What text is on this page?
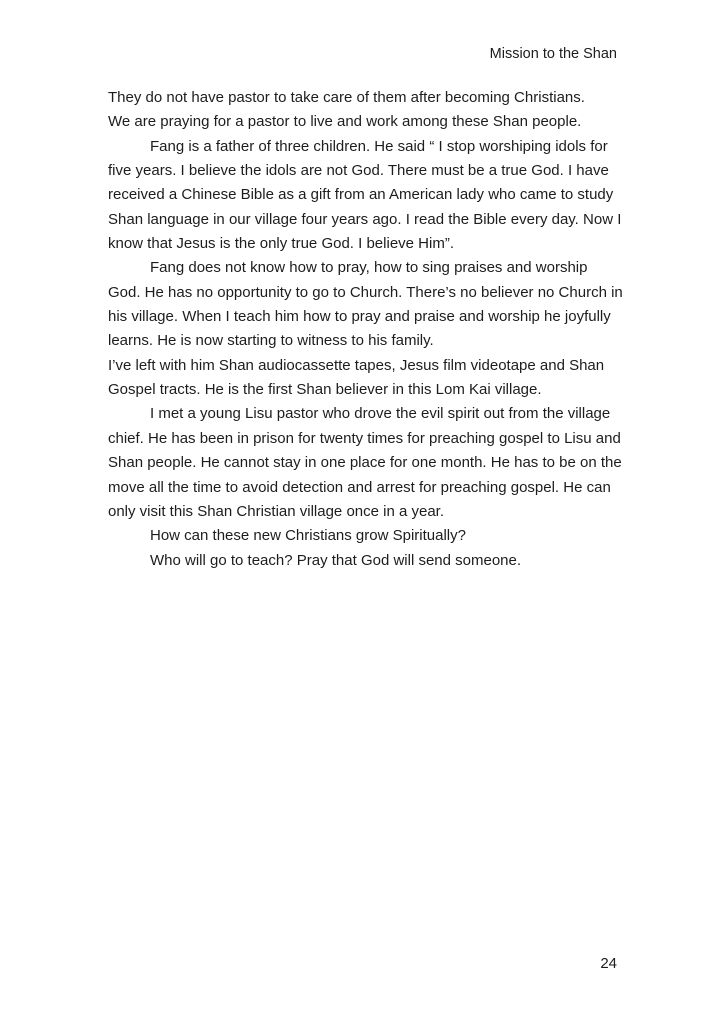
Mission to the Shan
They do not have pastor to take care of them after becoming Christians.
We are praying for a pastor to live and work among these Shan people.
Fang is a father of three children. He said “ I stop worshiping idols for
five years. I believe the idols are not God. There must be a true God. I have
received a Chinese Bible as a gift from an American lady who came to study
Shan language in our village four years ago. I read the Bible every day. Now I
know that Jesus is the only true God. I believe Him”.
Fang does not know how to pray, how to sing praises and worship
God. He has no opportunity to go to Church. There’s no believer no Church in
his village. When I teach him how to pray and praise and worship he joyfully
learns. He is now starting to witness to his family.
I’ve left with him Shan audiocassette tapes, Jesus film videotape and Shan
Gospel tracts. He is the first Shan believer in this Lom Kai village.
I met a young Lisu pastor who drove the evil spirit out from the village
chief. He has been in prison for twenty times for preaching gospel to Lisu and
Shan people. He cannot stay in one place for one month. He has to be on the
move all the time to avoid detection and arrest for preaching gospel. He can
only visit this Shan Christian village once in a year.
How can these new Christians grow Spiritually?
Who will go to teach? Pray that God will send someone.
24
